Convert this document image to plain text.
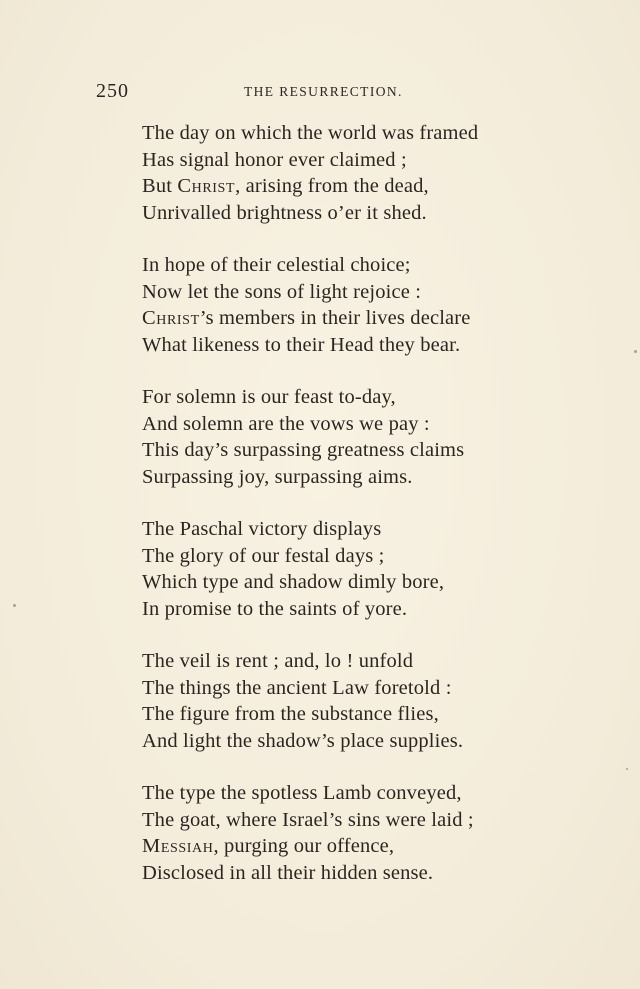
250	THE RESURRECTION.
The day on which the world was framed
Has signal honor ever claimed ;
But Christ, arising from the dead,
Unrivalled brightness o’er it shed.
In hope of their celestial choice;
Now let the sons of light rejoice :
Christ’s members in their lives declare
What likeness to their Head they bear.
For solemn is our feast to-day,
And solemn are the vows we pay :
This day’s surpassing greatness claims
Surpassing joy, surpassing aims.
The Paschal victory displays
The glory of our festal days ;
Which type and shadow dimly bore,
In promise to the saints of yore.
The veil is rent ; and, lo ! unfold
The things the ancient Law foretold :
The figure from the substance flies,
And light the shadow’s place supplies.
The type the spotless Lamb conveyed,
The goat, where Israel’s sins were laid ;
Messiah, purging our offence,
Disclosed in all their hidden sense.
